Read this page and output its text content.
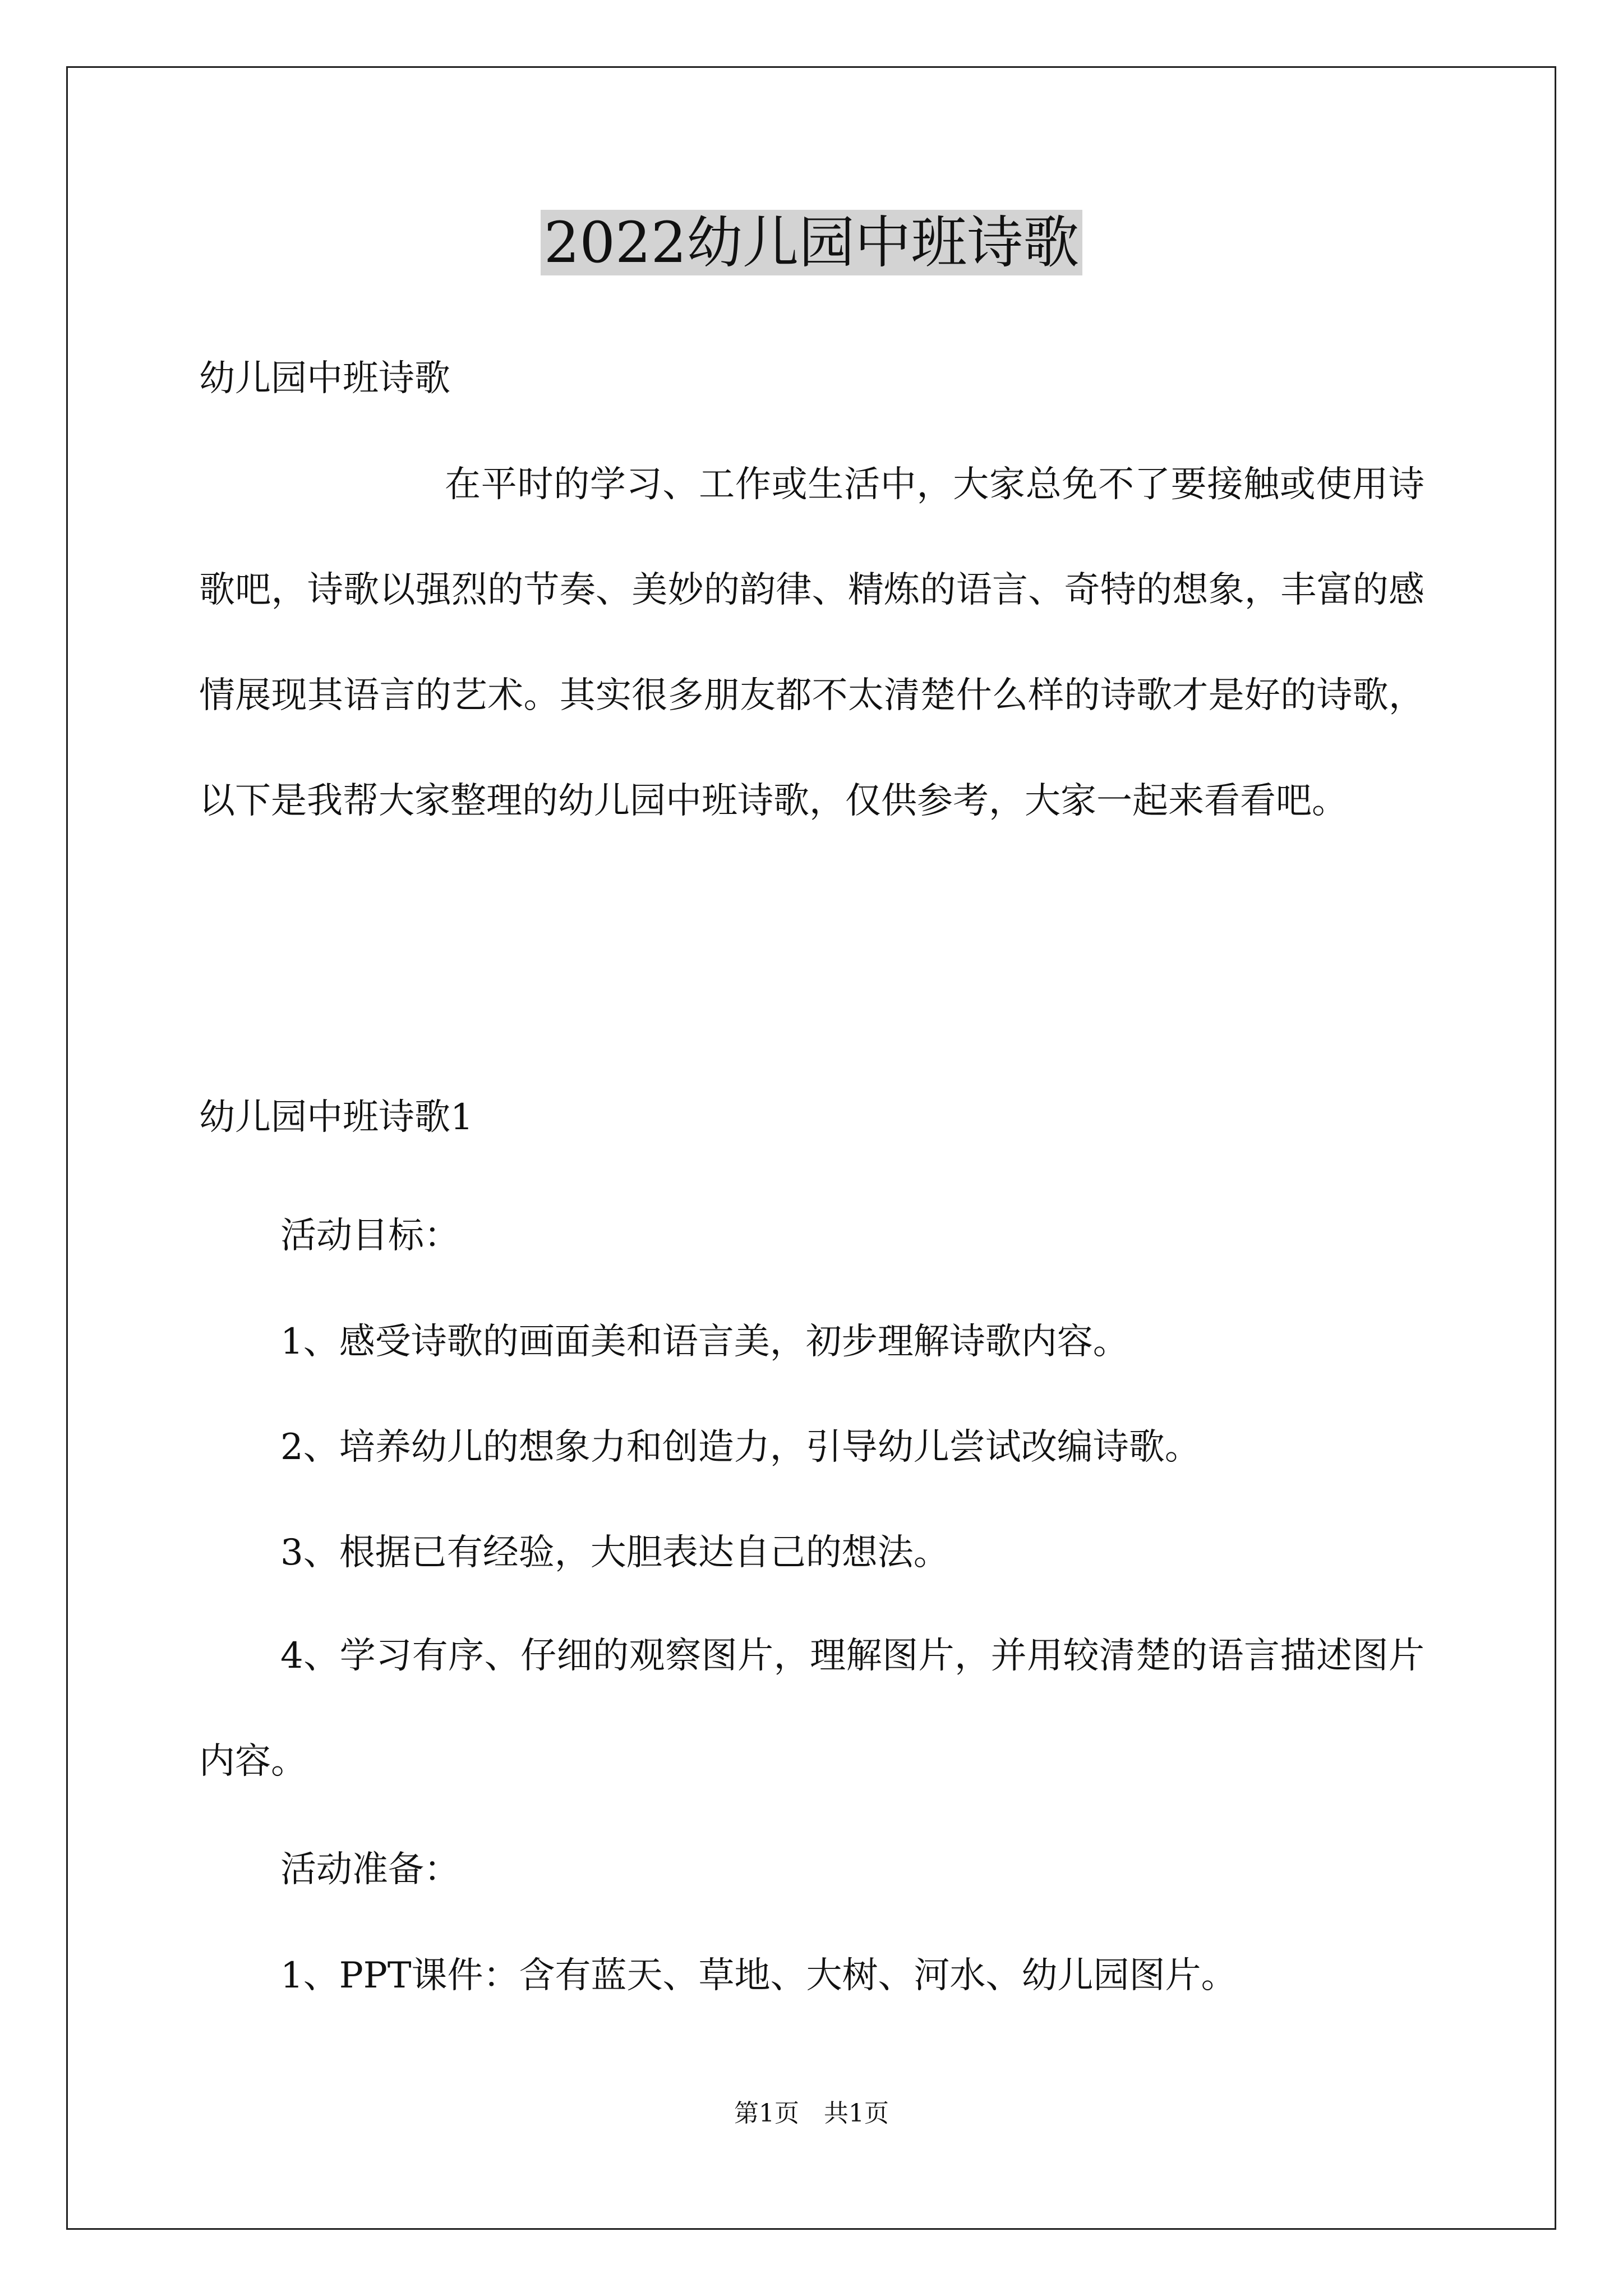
2022幼儿园中班诗歌
幼儿园中班诗歌
在平时的学习、工作或生活中，大家总免不了要接触或使用诗歌吧，诗歌以强烈的节奏、美妙的韵律、精炼的语言、奇特的想象，丰富的感情展现其语言的艺术。其实很多朋友都不太清楚什么样的诗歌才是好的诗歌，以下是我帮大家整理的幼儿园中班诗歌，仅供参考，大家一起来看看吧。
幼儿园中班诗歌1
活动目标：
1、感受诗歌的画面美和语言美，初步理解诗歌内容。
2、培养幼儿的想象力和创造力，引导幼儿尝试改编诗歌。
3、根据已有经验，大胆表达自己的想法。
4、学习有序、仔细的观察图片，理解图片，并用较清楚的语言描述图片内容。
活动准备：
1、PPT课件：含有蓝天、草地、大树、河水、幼儿园图片。
第1页　共1页
